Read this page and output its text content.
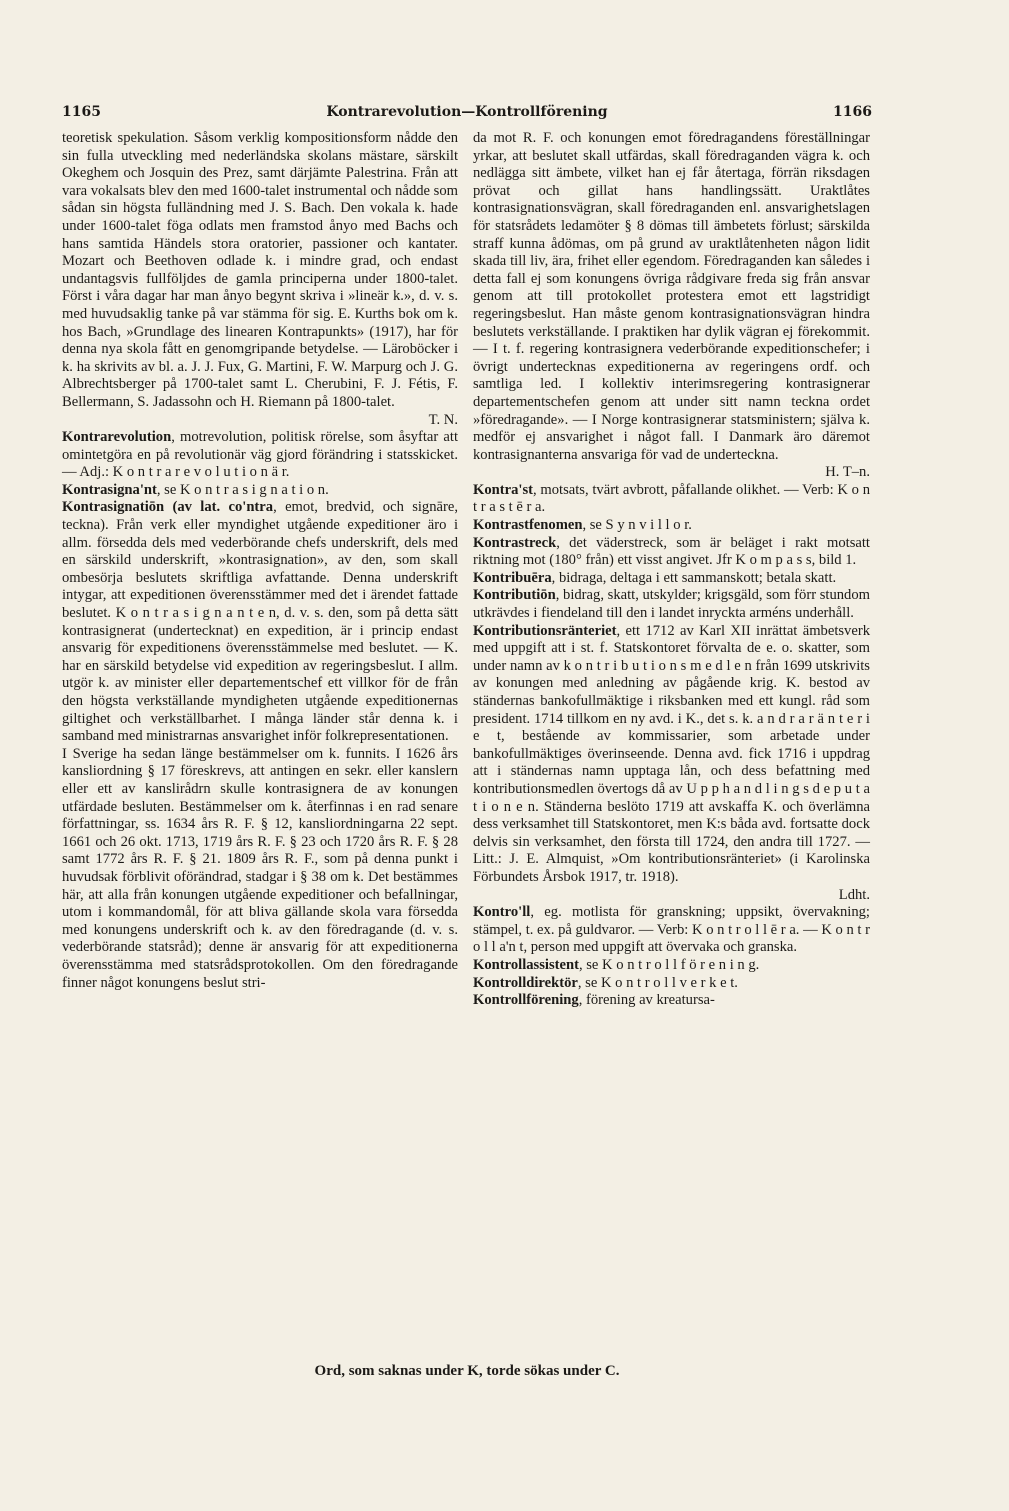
1165	Kontrarevolution—Kontrollförening	1166

teoretisk spekulation. Såsom verklig kompositionsform nådde den sin fulla utveckling med nederländska skolans mästare, särskilt Okeghem och Josquin des Prez, samt därjämte Palestrina. Från att vara vokalsats blev den med 1600-talet instrumental och nådde som sådan sin högsta fulländning med J. S. Bach. Den vokala k. hade under 1600-talet föga odlats men framstod ånyo med Bachs och hans samtida Händels stora oratorier, passioner och kantater. Mozart och Beethoven odlade k. i mindre grad, och endast undantagsvis fullföljdes de gamla principerna under 1800-talet. Först i våra dagar har man ånyo begynt skriva i »lineär k.», d. v. s. med huvudsaklig tanke på var stämma för sig. E. Kurths bok om k. hos Bach, »Grundlage des linearen Kontrapunkts» (1917), har för denna nya skola fått en genomgripande betydelse. — Läroböcker i k. ha skrivits av bl. a. J. J. Fux, G. Martini, F. W. Marpurg och J. G. Albrechtsberger på 1700-talet samt L. Cherubini, F. J. Fétis, F. Bellermann, S. Jadassohn och H. Riemann på 1800-talet.

T. N.

Kontrarevolution, motrevolution, politisk rörelse, som åsyftar att omintetgöra en på revolutionär väg gjord förändring i statsskicket. — Adj.: K o n t r a r e v o l u t i o n ä r.

Kontrasigna'nt, se K o n t r a s i g n a t i o n.

Kontrasignatiōn (av lat. co'ntra, emot, bredvid, och signāre, teckna). Från verk eller myndighet utgående expeditioner äro i allm. försedda dels med vederbörande chefs underskrift, dels med en särskild underskrift, »kontrasignation», av den, som skall ombesörja beslutets skriftliga avfattande. Denna underskrift intygar, att expeditionen överensstämmer med det i ärendet fattade beslutet. K o n t r a s i g n a n t e n, d. v. s. den, som på detta sätt kontrasignerat (undertecknat) en expedition, är i princip endast ansvarig för expeditionens överensstämmelse med beslutet. — K. har en särskild betydelse vid expedition av regeringsbeslut. I allm. utgör k. av minister eller departementschef ett villkor för de från den högsta verkställande myndigheten utgående expeditionernas giltighet och verkställbarhet. I många länder står denna k. i samband med ministrarnas ansvarighet inför folkrepresentationen.

I Sverige ha sedan länge bestämmelser om k. funnits. I 1626 års kansliordning § 17 föreskrevs, att antingen en sekr. eller kanslern eller ett av kanslirådrn skulle kontrasignera de av konungen utfärdade besluten. Bestämmelser om k. återfinnas i en rad senare författningar, ss. 1634 års R. F. § 12, kansliordningarna 22 sept. 1661 och 26 okt. 1713, 1719 års R. F. § 23 och 1720 års R. F. § 28 samt 1772 års R. F. § 21. 1809 års R. F., som på denna punkt i huvudsak förblivit oförändrad, stadgar i § 38 om k. Det bestämmes här, att alla från konungen utgående expeditioner och befallningar, utom i kommandomål, för att bliva gällande skola vara försedda med konungens underskrift och k. av den föredragande (d. v. s. vederbörande statsråd); denne är ansvarig för att expeditionerna överensstämma med statsrådsprotokollen. Om den föredragande finner något konungens beslut stri-

da mot R. F. och konungen emot föredragandens föreställningar yrkar, att beslutet skall utfärdas, skall föredraganden vägra k. och nedlägga sitt ämbete, vilket han ej får återtaga, förrän riksdagen prövat och gillat hans handlingssätt. Uraktlåtes kontrasignationsvägran, skall föredraganden enl. ansvarighetslagen för statsrådets ledamöter § 8 dömas till ämbetets förlust; särskilda straff kunna ådömas, om på grund av uraktlåtenheten någon lidit skada till liv, ära, frihet eller egendom. Föredraganden kan således i detta fall ej som konungens övriga rådgivare freda sig från ansvar genom att till protokollet protestera emot ett lagstridigt regeringsbeslut. Han måste genom kontrasignationsvägran hindra beslutets verkställande. I praktiken har dylik vägran ej förekommit. — I t. f. regering kontrasignera vederbörande expeditionschefer; i övrigt undertecknas expeditionerna av regeringens ordf. och samtliga led. I kollektiv interimsregering kontrasignerar departementschefen genom att under sitt namn teckna ordet »föredragande». — I Norge kontrasignerar statsministern; själva k. medför ej ansvarighet i något fall. I Danmark äro däremot kontrasignanterna ansvariga för vad de underteckna.

H. T–n.

Kontra'st, motsats, tvärt avbrott, påfallande olikhet. — Verb: K o n t r a s t ē r a.

Kontrastfenomen, se S y n v i l l o r.

Kontrastreck, det väderstreck, som är beläget i rakt motsatt riktning mot (180° från) ett visst angivet. Jfr K o m p a s s, bild 1.

Kontribuēra, bidraga, deltaga i ett sammanskott; betala skatt.

Kontributiōn, bidrag, skatt, utskylder; krigsgäld, som förr stundom utkrävdes i fiendeland till den i landet inryckta arméns underhåll.

Kontributionsränteriet, ett 1712 av Karl XII inrättat ämbetsverk med uppgift att i st. f. Statskontoret förvalta de e. o. skatter, som under namn av k o n t r i b u t i o n s m e d l e n från 1699 utskrivits av konungen med anledning av pågående krig. K. bestod av ständernas bankofullmäktige i riksbanken med ett kungl. råd som president. 1714 tillkom en ny avd. i K., det s. k. a n d r a r ä n t e r i e t, bestående av kommissarier, som arbetade under bankofullmäktiges överinseende. Denna avd. fick 1716 i uppdrag att i ständernas namn upptaga lån, och dess befattning med kontributionsmedlen övertogs då av U p p h a n d l i n g s d e p u t a t i o n e n. Ständerna beslöto 1719 att avskaffa K. och överlämna dess verksamhet till Statskontoret, men K:s båda avd. fortsatte dock delvis sin verksamhet, den första till 1724, den andra till 1727. — Litt.: J. E. Almquist, »Om kontributionsränteriet» (i Karolinska Förbundets Årsbok 1917, tr. 1918).

Ldht.

Kontro'll, eg. motlista för granskning; uppsikt, övervakning; stämpel, t. ex. på guldvaror. — Verb: K o n t r o l l ē r a. — K o n t r o l l a'n t, person med uppgift att övervaka och granska.

Kontrollassistent, se K o n t r o l l f ö r e n i n g.

Kontrolldirektör, se K o n t r o l l v e r k e t.

Kontrollförening, förening av kreatursa-

Ord, som saknas under K, torde sökas under C.
